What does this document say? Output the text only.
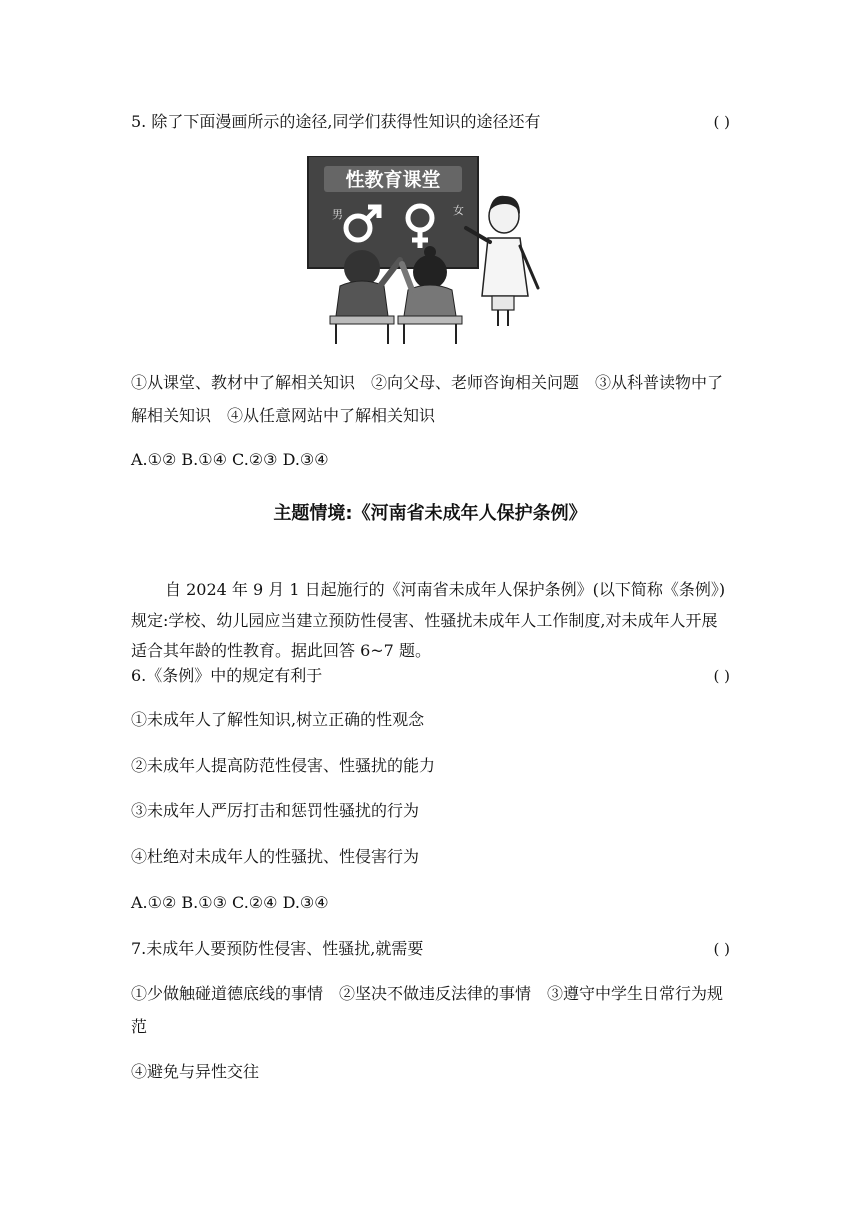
5. 除了下面漫画所示的途径,同学们获得性知识的途径还有	( )
性教育课堂
男	女
①从课堂、教材中了解相关知识　②向父母、老师咨询相关问题　③从科普读物中了解相关知识　④从任意网站中了解相关知识
A.①② B.①④ C.②③ D.③④
主题情境:《河南省未成年人保护条例》
自 2024 年 9 月 1 日起施行的《河南省未成年人保护条例》(以下简称《条例》)规定:学校、幼儿园应当建立预防性侵害、性骚扰未成年人工作制度,对未成年人开展适合其年龄的性教育。据此回答 6~7 题。
6.《条例》中的规定有利于	( )
①未成年人了解性知识,树立正确的性观念
②未成年人提高防范性侵害、性骚扰的能力
③未成年人严厉打击和惩罚性骚扰的行为
④杜绝对未成年人的性骚扰、性侵害行为
A.①② B.①③ C.②④ D.③④
7.未成年人要预防性侵害、性骚扰,就需要	( )
①少做触碰道德底线的事情　②坚决不做违反法律的事情　③遵守中学生日常行为规范
④避免与异性交往
